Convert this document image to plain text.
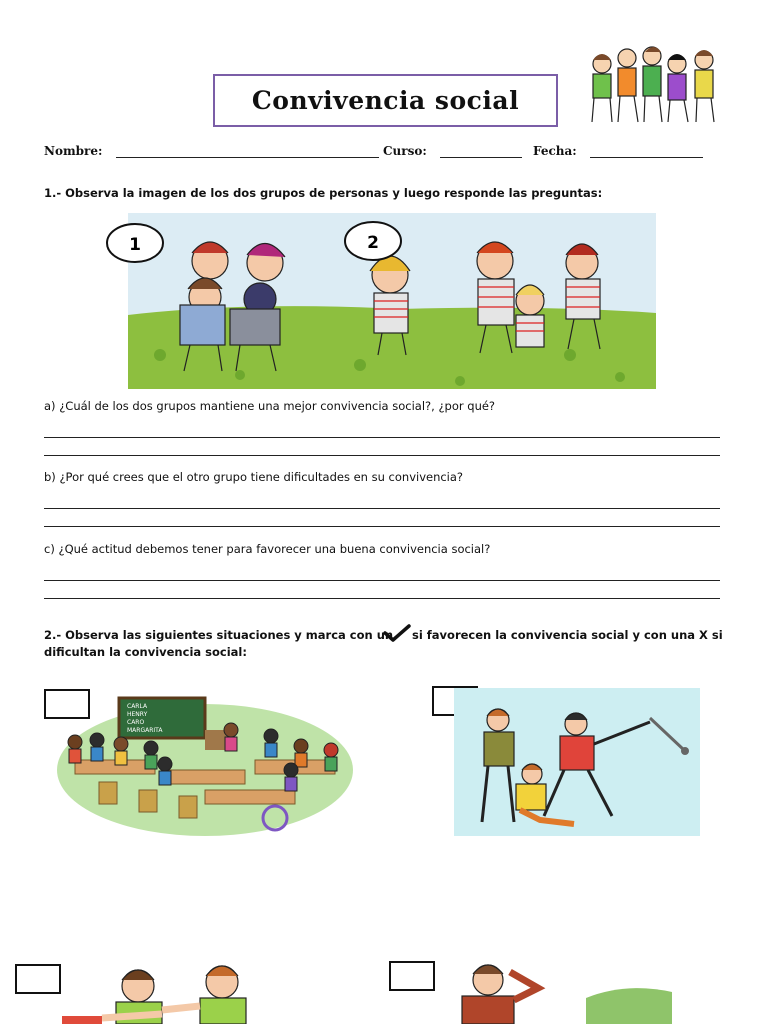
Convivencia social
Nombre:	Curso:	Fecha:
1.- Observa la imagen de los dos grupos de personas y luego responde las preguntas:
1	2
a) ¿Cuál de los dos grupos mantiene una mejor convivencia social?, ¿por qué?
b) ¿Por qué crees que el otro grupo tiene dificultades en su convivencia?
c) ¿Qué actitud debemos tener para favorecer una buena convivencia social?
2.- Observa las siguientes situaciones y marca con un si favorecen la convivencia social y con una X si
dificultan la convivencia social:
CARLA
HENRY
CARO
MARGARITA
